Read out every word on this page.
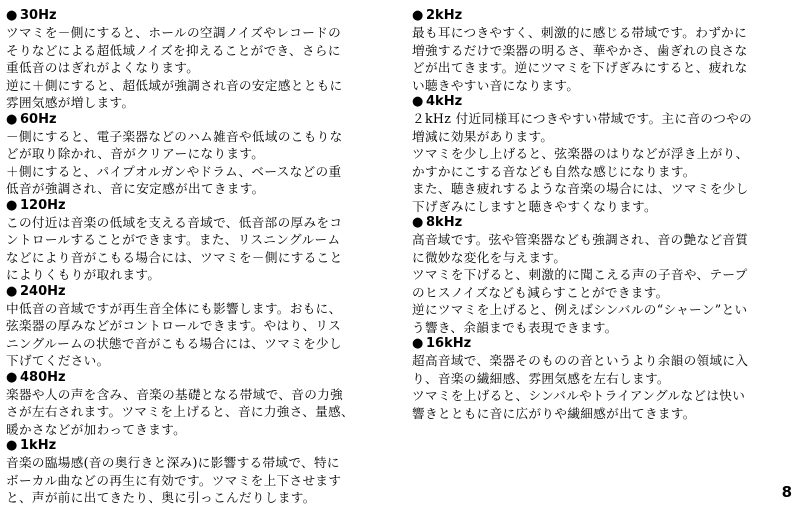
● 30Hz
ツマミを－側にすると、ホールの空調ノイズやレコードの
そりなどによる超低域ノイズを抑えることができ、さらに
重低音のはぎれがよくなります。
逆に＋側にすると、超低域が強調され音の安定感とともに
雰囲気感が増します。
● 60Hz
－側にすると、電子楽器などのハム雑音や低域のこもりな
どが取り除かれ、音がクリアーになります。
＋側にすると、パイプオルガンやドラム、ベースなどの重
低音が強調され、音に安定感が出てきます。
● 120Hz
この付近は音楽の低域を支える音域で、低音部の厚みをコ
ントロールすることができます。また、リスニングルーム
などにより音がこもる場合には、ツマミを－側にすること
によりくもりが取れます。
● 240Hz
中低音の音域ですが再生音全体にも影響します。おもに、
弦楽器の厚みなどがコントロールできます。やはり、リス
ニングルームの状態で音がこもる場合には、ツマミを少し
下げてください。
● 480Hz
楽器や人の声を含み、音楽の基礎となる帯域で、音の力強
さが左右されます。ツマミを上げると、音に力強さ、量感、
暖かさなどが加わってきます。
● 1kHz
音楽の臨場感(音の奥行きと深み)に影響する帯域で、特に
ボーカル曲などの再生に有効です。ツマミを上下させます
と、声が前に出てきたり、奥に引っこんだりします。
● 2kHz
最も耳につきやすく、刺激的に感じる帯域です。わずかに
増強するだけで楽器の明るさ、華やかさ、歯ぎれの良さな
どが出てきます。逆にツマミを下げぎみにすると、疲れな
い聴きやすい音になります。
● 4kHz
２kHz 付近同様耳につきやすい帯域です。主に音のつやの
増減に効果があります。
ツマミを少し上げると、弦楽器のはりなどが浮き上がり、
かすかにこする音なども自然な感じになります。
また、聴き疲れするような音楽の場合には、ツマミを少し
下げぎみにしますと聴きやすくなります。
● 8kHz
高音域です。弦や管楽器なども強調され、音の艶など音質
に微妙な変化を与えます。
ツマミを下げると、刺激的に聞こえる声の子音や、テープ
のヒスノイズなども減らすことができます。
逆にツマミを上げると、例えばシンバルの“シャーン”とい
う響き、余韻までも表現できます。
● 16kHz
超高音域で、楽器そのものの音というより余韻の領域に入
り、音楽の繊細感、雰囲気感を左右します。
ツマミを上げると、シンバルやトライアングルなどは快い
響きとともに音に広がりや繊細感が出てきます。
8
